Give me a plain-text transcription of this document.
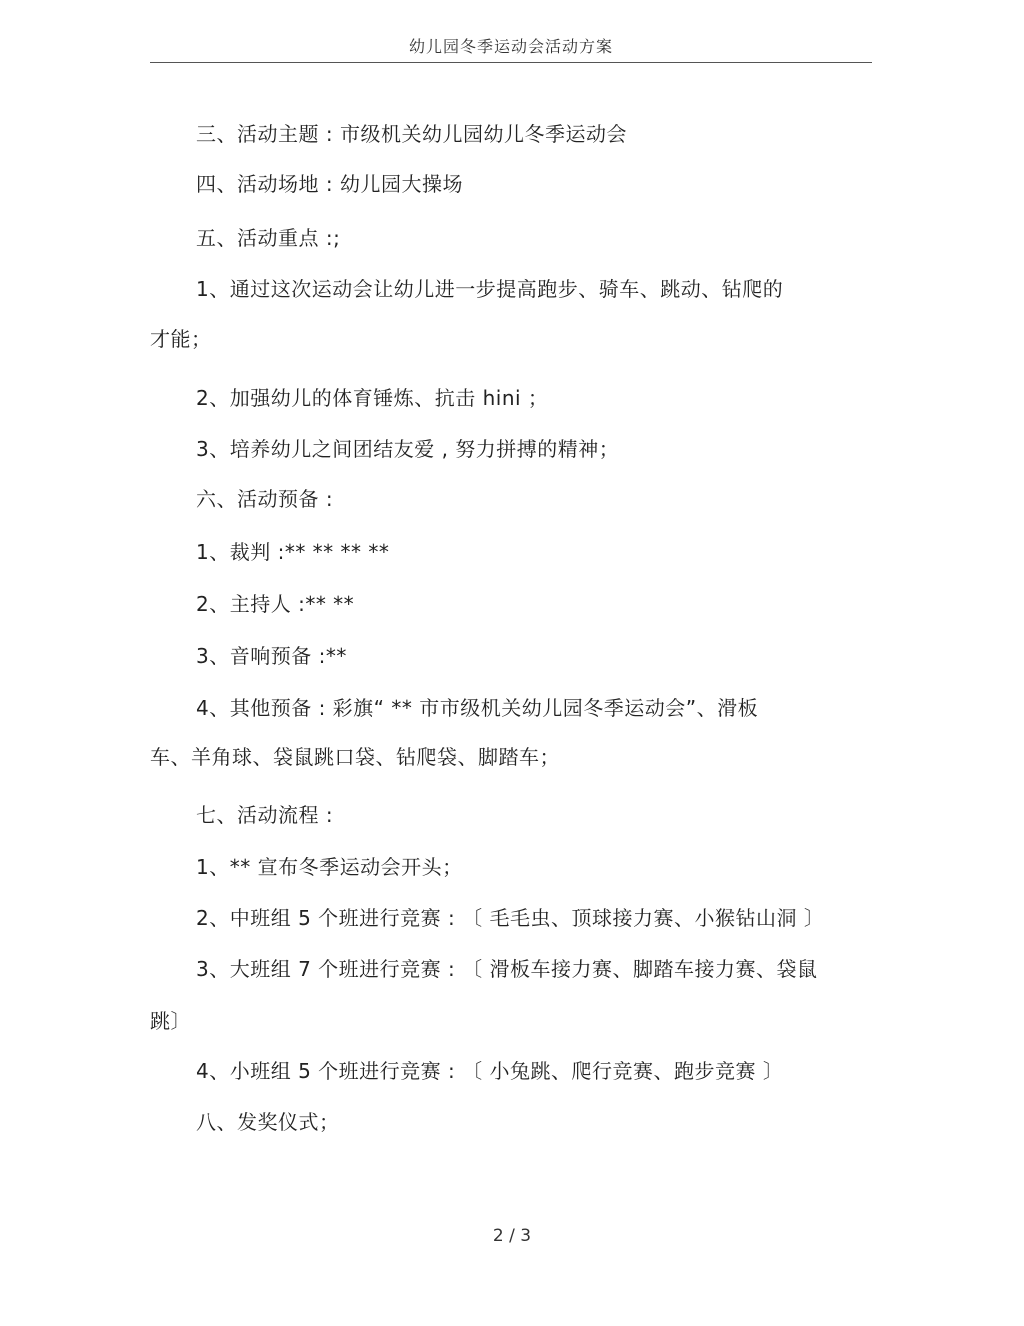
幼儿园冬季运动会活动方案
三、活动主题 : 市级机关幼儿园幼儿冬季运动会
四、活动场地 : 幼儿园大操场
五、活动重点 :;
1、通过这次运动会让幼儿进一步提高跑步、骑车、跳动、钻爬的
才能；
2、加强幼儿的体育锤炼、抗击 hini ；
3、培养幼儿之间团结友爱 , 努力拼搏的精神；
六、活动预备 :
1、裁判 :** ** ** **
2、主持人 :** **
3、音响预备 :**
4、其他预备 : 彩旗“ ** 市市级机关幼儿园冬季运动会”、滑板
车、羊角球、袋鼠跳口袋、钻爬袋、脚踏车；
七、活动流程 :
1、** 宣布冬季运动会开头；
2、中班组 5 个班进行竞赛 : 〔 毛毛虫、顶球接力赛、小猴钻山洞 〕
3、大班组 7 个班进行竞赛 : 〔 滑板车接力赛、脚踏车接力赛、袋鼠
跳〕
4、小班组 5 个班进行竞赛 : 〔 小兔跳、爬行竞赛、跑步竞赛 〕
八、发奖仪式；
2 / 3
